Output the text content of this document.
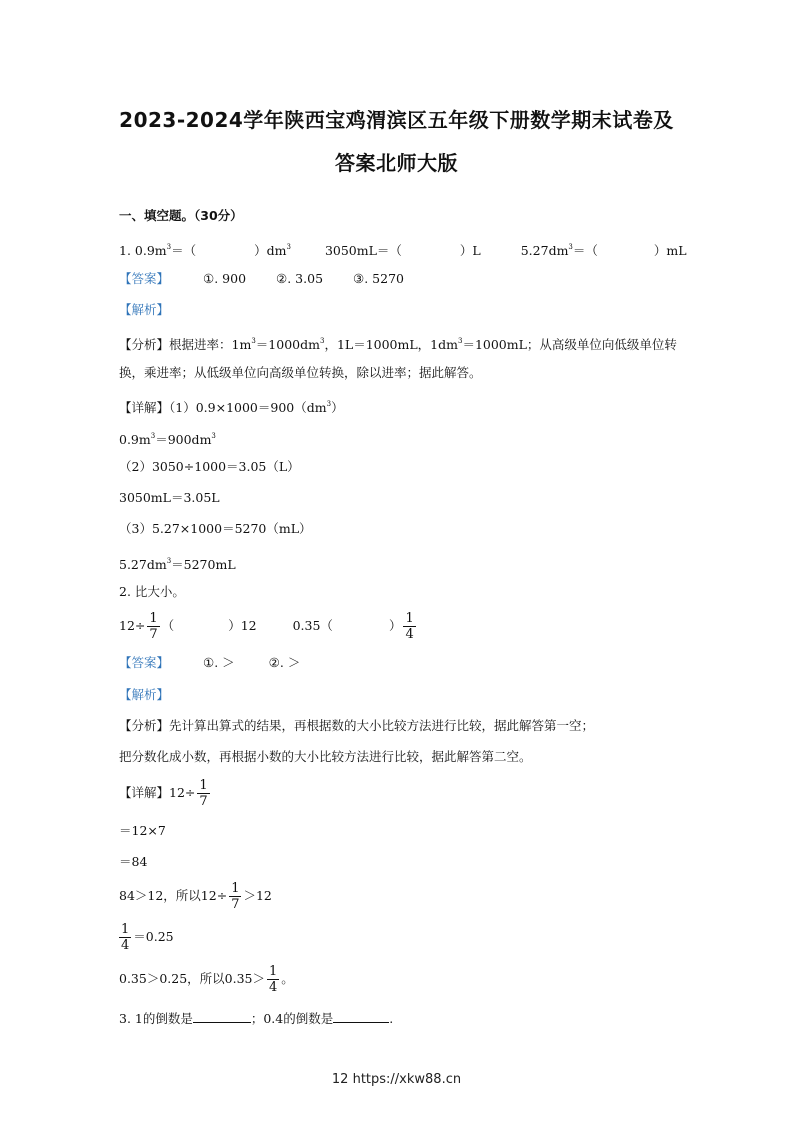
2023-2024学年陕西宝鸡渭滨区五年级下册数学期末试卷及
答案北师大版
一、填空题。（30分）
1. $0.9m^3=$（	）$dm^3$	3050mL＝（	）L	$5.27dm^3=$（	）mL
【答案】	①. 900 ②. 3.05 ③. 5270
【解析】
【分析】根据进率：$1m^3=1000dm^3$，1L＝1000mL，$1dm^3=1000mL$；从高级单位向低级单位转
换，乘进率；从低级单位向高级单位转换，除以进率；据此解答。
【详解】$(1)0.9\times 1000=900(dm^3)$
$0.9m^3=900dm^3$
（2）3050÷1000＝3.05（L）
3050mL＝3.05L
（3）5.27×1000＝5270（mL）
$5.27dm^3=5270mL$
2. 比大小。
$12\div \frac{1}{7}$ （	）12	0.35（	） $\frac{1}{4}$
【答案】	①. ＞	②. ＞
【解析】
【分析】先计算出算式的结果，再根据数的大小比较方法进行比较，据此解答第一空；
把分数化成小数，再根据小数的大小比较方法进行比较，据此解答第二空。
【详解】$12\div \frac{1}{7}$
＝12×7
＝84
84＞12，所以$12\div \frac{1}{7} >12$
$\frac{1}{4} =0.25$
0.35＞0.25，所以$0.35> \frac{1}{4}$ 。
3. 1的倒数是	；0.4的倒数是	.
12 https://xkw88.cn
